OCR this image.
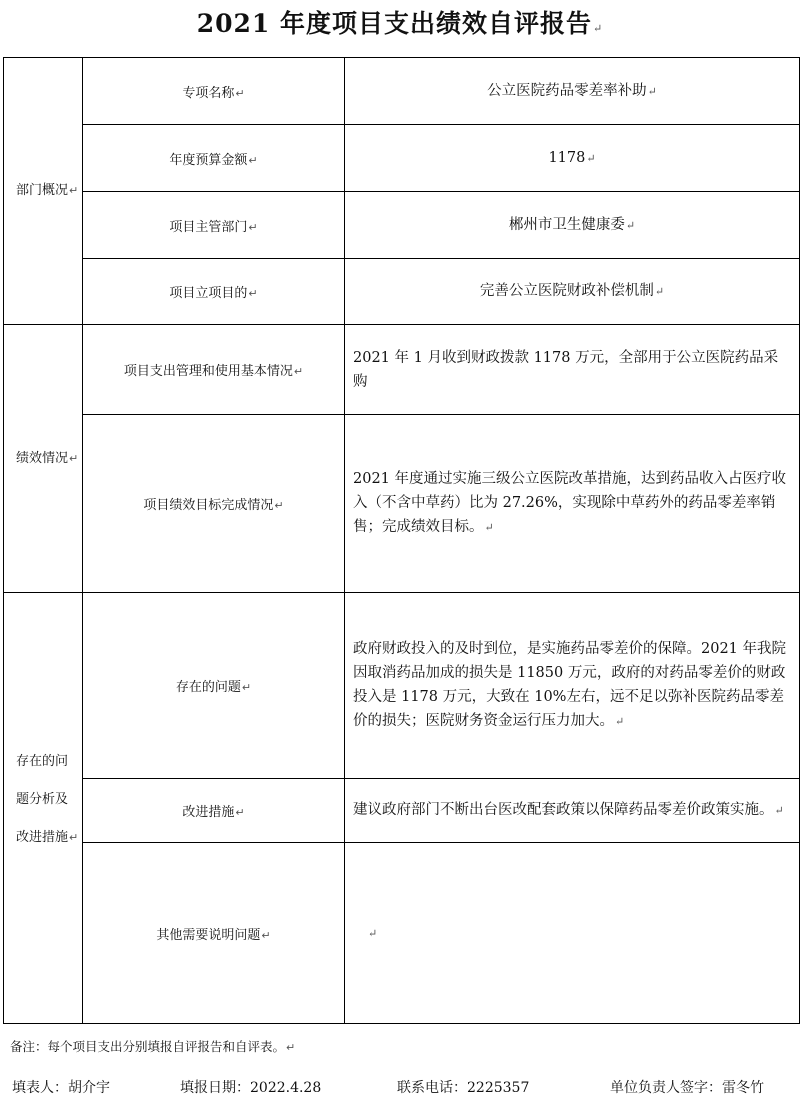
2021 年度项目支出绩效自评报告↵
部门概况↵	专项名称↵	公立医院药品零差率补助↵
	年度预算金额↵	1178↵
	项目主管部门↵	郴州市卫生健康委↵
	项目立项目的↵	完善公立医院财政补偿机制↵
绩效情况↵	项目支出管理和使用基本情况↵	2021 年 1 月收到财政拨款 1178 万元，全部用于公立医院药品采购
	项目绩效目标完成情况↵	2021 年度通过实施三级公立医院改革措施，达到药品收入占医疗收入（不含中草药）比为 27.26%，实现除中草药外的药品零差率销售；完成绩效目标。↵

存在的问
题分析及
改进措施↵	存在的问题↵	政府财政投入的及时到位，是实施药品零差价的保障。2021 年我院因取消药品加成的损失是 11850 万元，政府的对药品零差价的财政投入是 1178 万元，大致在 10%左右，远不足以弥补医院药品零差价的损失；医院财务资金运行压力加大。↵
	改进措施↵	建议政府部门不断出台医改配套政策以保障药品零差价政策实施。↵
	其他需要说明问题↵	↵
备注：每个项目支出分别填报自评报告和自评表。↵
填表人：胡介宇	填报日期：2022.4.28	联系电话：2225357	单位负责人签字：雷冬竹
